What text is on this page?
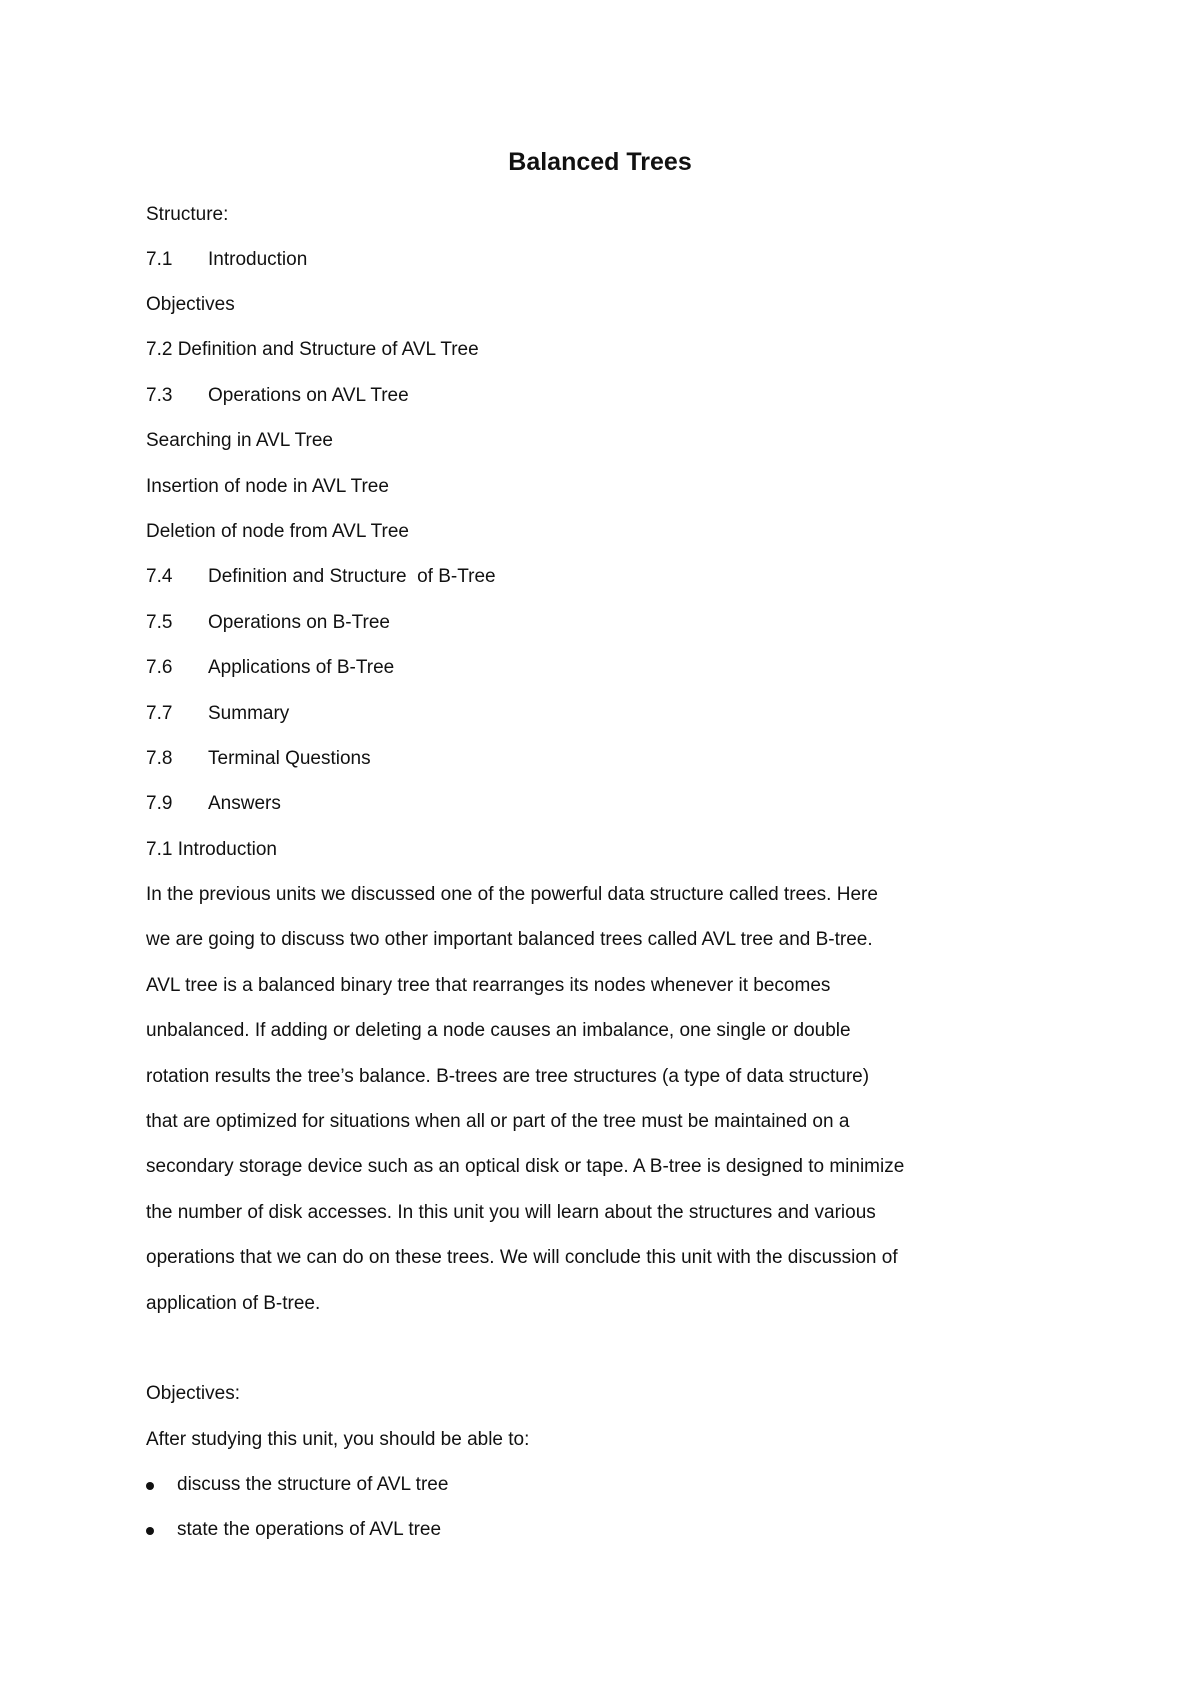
Balanced Trees
Structure:
7.1 Introduction
Objectives
7.2 Definition and Structure of AVL Tree
7.3 Operations on AVL Tree
Searching in AVL Tree
Insertion of node in AVL Tree
Deletion of node from AVL Tree
7.4 Definition and Structure  of B-Tree
7.5 Operations on B-Tree
7.6 Applications of B-Tree
7.7 Summary
7.8 Terminal Questions
7.9 Answers
7.1 Introduction

In the previous units we discussed one of the powerful data structure called trees. Here we are going to discuss two other important balanced trees called AVL tree and B-tree. AVL tree is a balanced binary tree that rearranges its nodes whenever it becomes unbalanced. If adding or deleting a node causes an imbalance, one single or double rotation results the tree’s balance. B-trees are tree structures (a type of data structure) that are optimized for situations when all or part of the tree must be maintained on a secondary storage device such as an optical disk or tape. A B-tree is designed to minimize the number of disk accesses. In this unit you will learn about the structures and various operations that we can do on these trees. We will conclude this unit with the discussion of application of B-tree.

Objectives:
After studying this unit, you should be able to:
discuss the structure of AVL tree
state the operations of AVL tree
